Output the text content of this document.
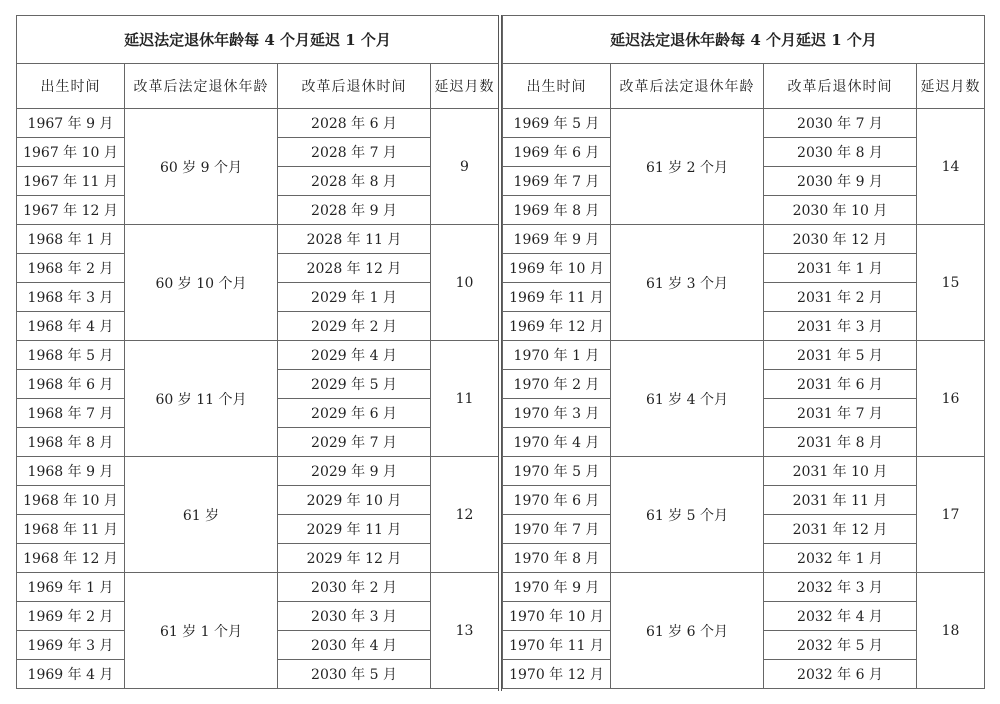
延迟法定退休年龄每 4 个月延迟 1 个月			
出生时间	改革后法定退休年龄	改革后退休时间	延迟月数
1967 年 9 月	60 岁 9 个月	2028 年 6 月	9
1967 年 10 月		2028 年 7 月	
1967 年 11 月		2028 年 8 月	
1967 年 12 月		2028 年 9 月	
1968 年 1 月	60 岁 10 个月	2028 年 11 月	10
1968 年 2 月		2028 年 12 月	
1968 年 3 月		2029 年 1 月	
1968 年 4 月		2029 年 2 月	
1968 年 5 月	60 岁 11 个月	2029 年 4 月	11
1968 年 6 月		2029 年 5 月	
1968 年 7 月		2029 年 6 月	
1968 年 8 月		2029 年 7 月	
1968 年 9 月	61 岁	2029 年 9 月	12
1968 年 10 月		2029 年 10 月	
1968 年 11 月		2029 年 11 月	
1968 年 12 月		2029 年 12 月	
1969 年 1 月	61 岁 1 个月	2030 年 2 月	13
1969 年 2 月		2030 年 3 月	
1969 年 3 月		2030 年 4 月	
1969 年 4 月		2030 年 5 月	
延迟法定退休年龄每 4 个月延迟 1 个月			
出生时间	改革后法定退休年龄	改革后退休时间	延迟月数
1969 年 5 月	61 岁 2 个月	2030 年 7 月	14
1969 年 6 月		2030 年 8 月	
1969 年 7 月		2030 年 9 月	
1969 年 8 月		2030 年 10 月	
1969 年 9 月	61 岁 3 个月	2030 年 12 月	15
1969 年 10 月		2031 年 1 月	
1969 年 11 月		2031 年 2 月	
1969 年 12 月		2031 年 3 月	
1970 年 1 月	61 岁 4 个月	2031 年 5 月	16
1970 年 2 月		2031 年 6 月	
1970 年 3 月		2031 年 7 月	
1970 年 4 月		2031 年 8 月	
1970 年 5 月	61 岁 5 个月	2031 年 10 月	17
1970 年 6 月		2031 年 11 月	
1970 年 7 月		2031 年 12 月	
1970 年 8 月		2032 年 1 月	
1970 年 9 月	61 岁 6 个月	2032 年 3 月	18
1970 年 10 月		2032 年 4 月	
1970 年 11 月		2032 年 5 月	
1970 年 12 月		2032 年 6 月	
